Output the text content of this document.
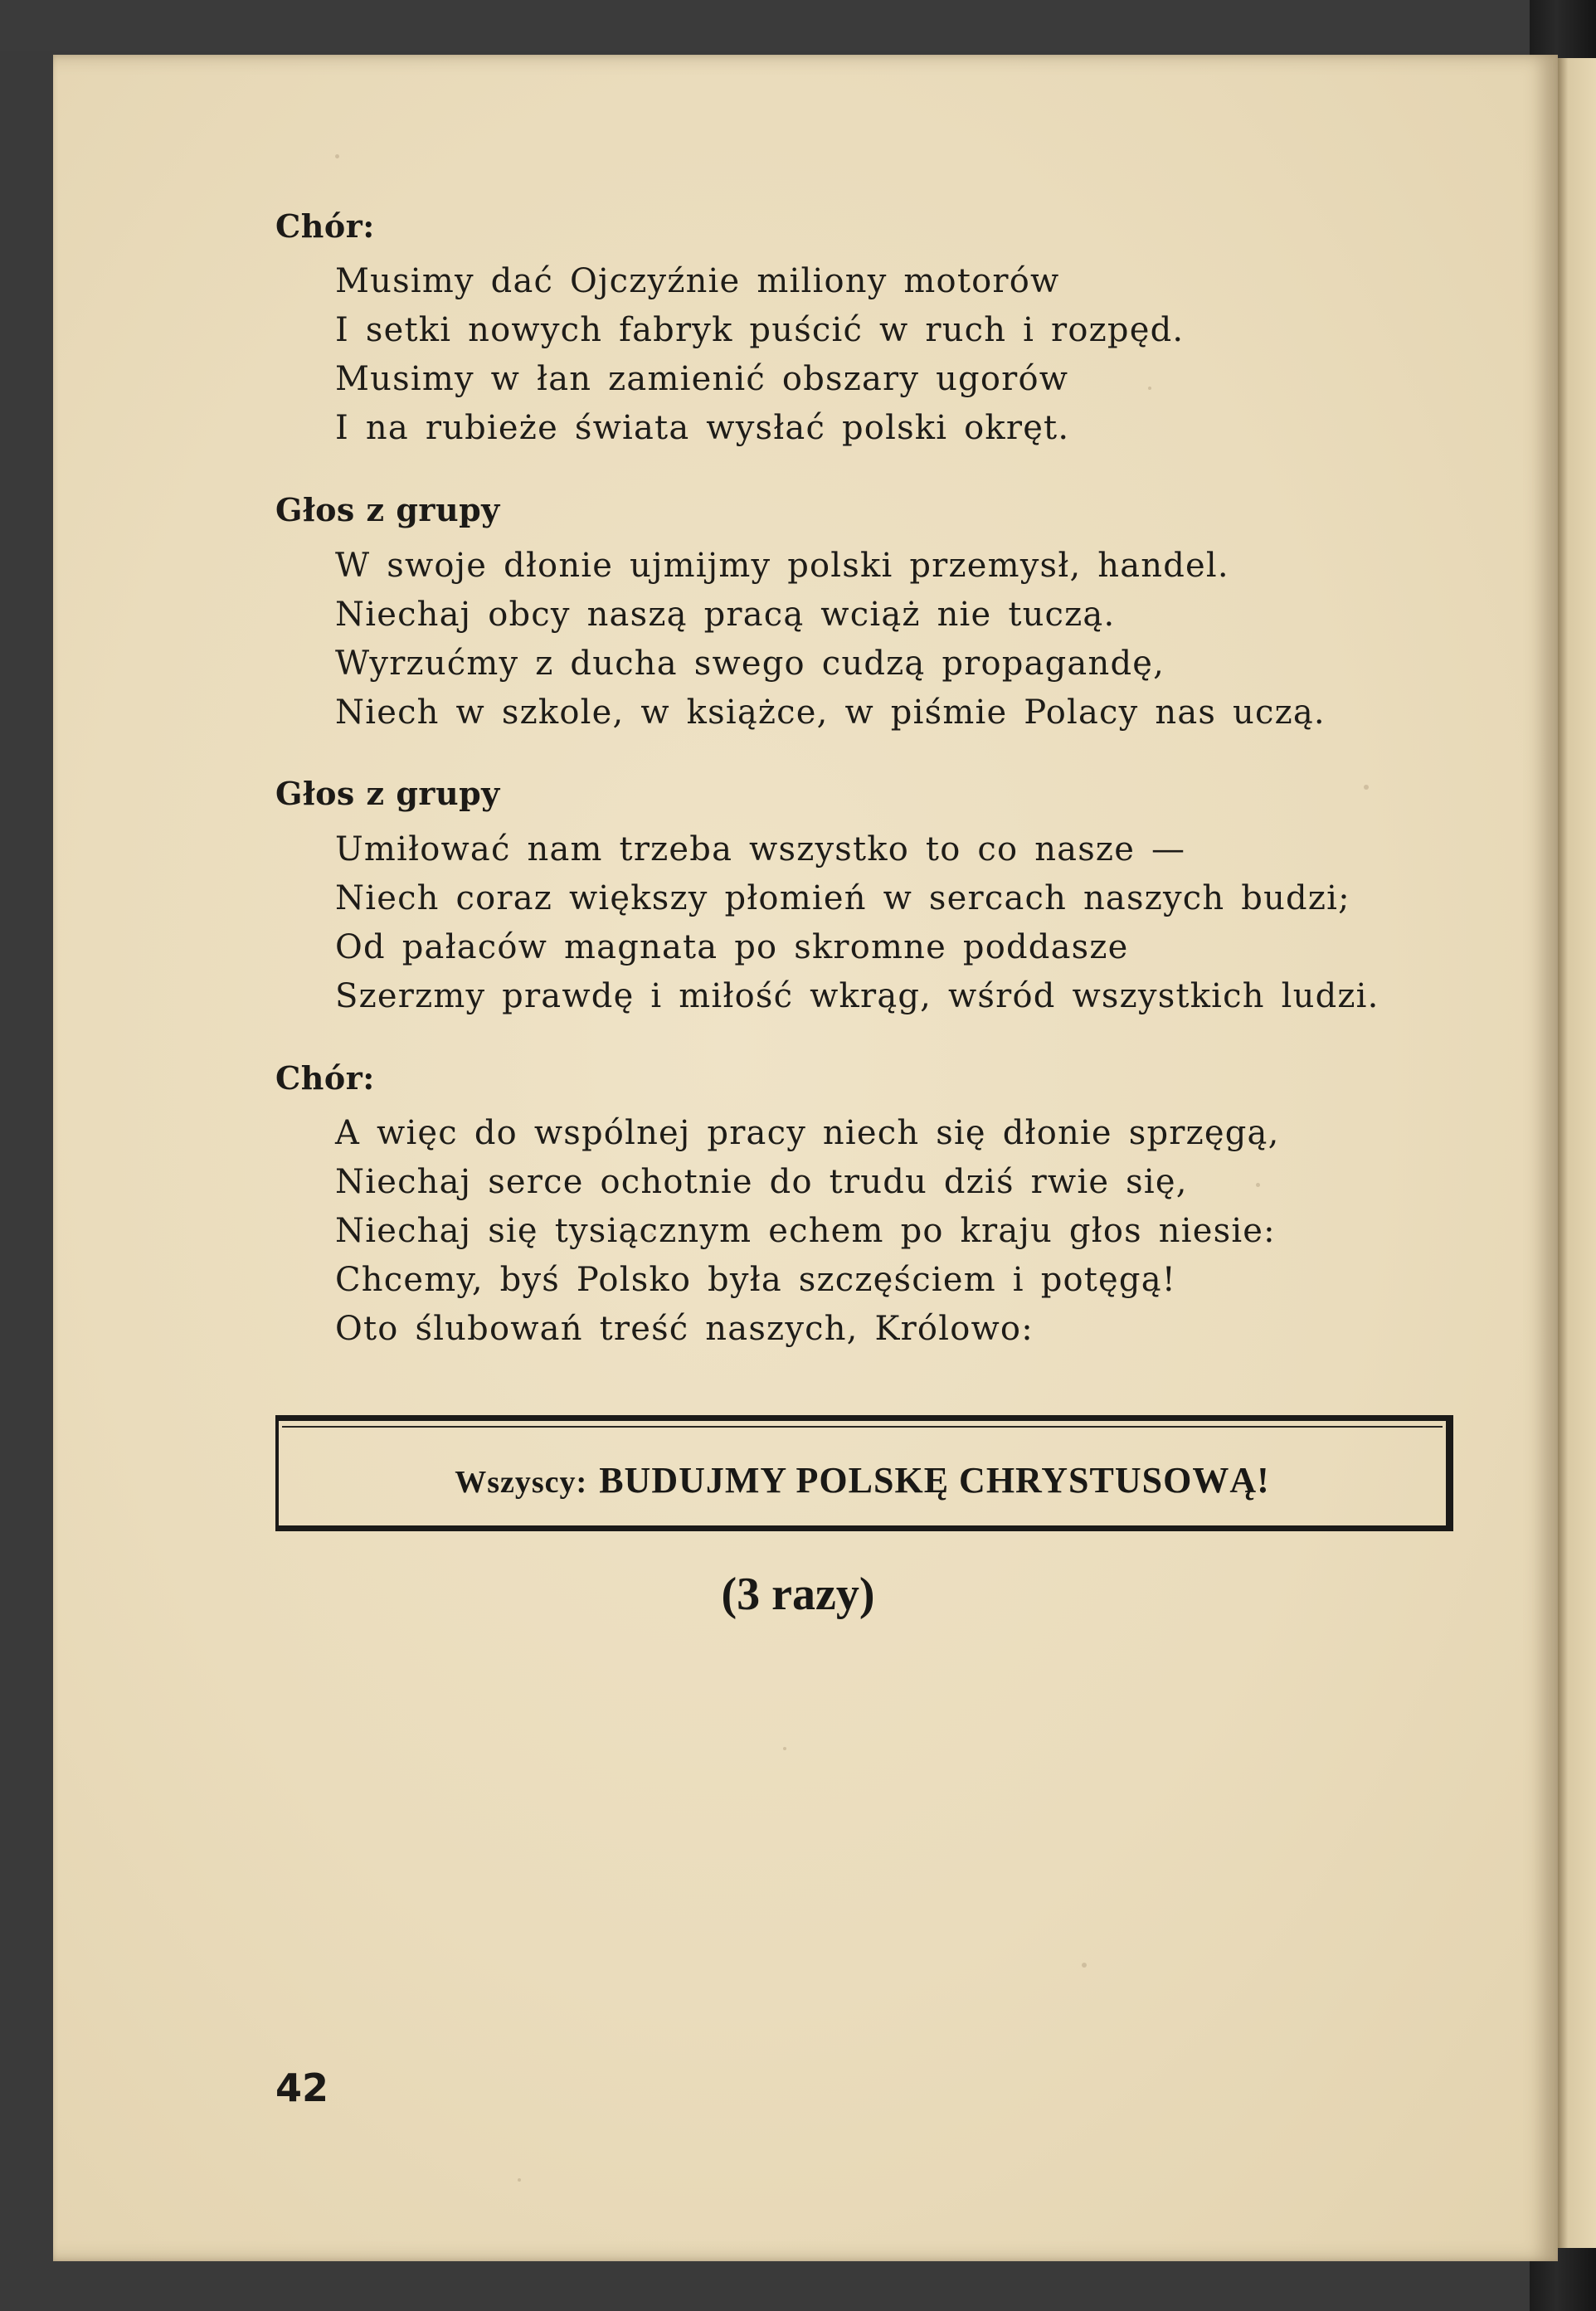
Chór:
Musimy dać Ojczyźnie miliony motorów
I setki nowych fabryk puścić w ruch i rozpęd.
Musimy w łan zamienić obszary ugorów
I na rubieże świata wysłać polski okręt.
Głos z grupy
W swoje dłonie ujmijmy polski przemysł, handel.
Niechaj obcy naszą pracą wciąż nie tuczą.
Wyrzućmy z ducha swego cudzą propagandę,
Niech w szkole, w książce, w piśmie Polacy nas uczą.
Głos z grupy
Umiłować nam trzeba wszystko to co nasze —
Niech coraz większy płomień w sercach naszych budzi;
Od pałaców magnata po skromne poddasze
Szerzmy prawdę i miłość wkrąg, wśród wszystkich ludzi.
Chór:
A więc do wspólnej pracy niech się dłonie sprzęgą,
Niechaj serce ochotnie do trudu dziś rwie się,
Niechaj się tysiącznym echem po kraju głos niesie:
Chcemy, byś Polsko była szczęściem i potęgą!
Oto ślubowań treść naszych, Królowo:
Wszyscy: BUDUJMY POLSKĘ CHRYSTUSOWĄ!
(3 razy)
42
